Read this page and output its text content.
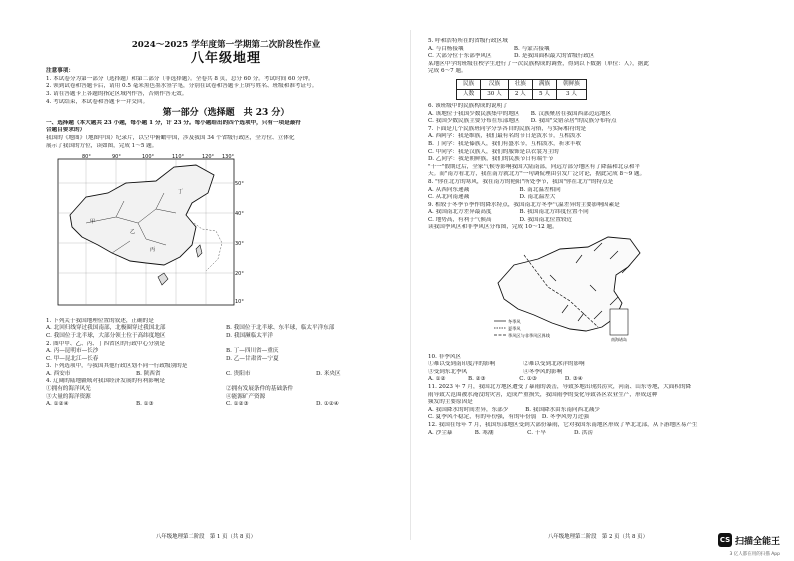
2024～2025 学年度第一学期第二次阶段性作业
八年级地理
注意事项：
1. 本试卷分为第一部分（选择题）和第二部分（非选择题）。全卷共 8 页，总分 60 分。考试时间 60 分钟。
2. 领到试卷和答题卡后，请用 0.5 毫米黑色墨水签字笔，分别在试卷和答题卡上填写姓名、班级和准考证号。
3. 请在答题卡上各题的指定区域内作答，否则作答无效。
4. 考试结束，本试卷和答题卡一并交回。
第一部分（选择题　共 23 分）
一、选择题（本大题共 23 小题，每小题 1 分，计 23 分。每小题给出的四个选项中，只有一项是最符
合题目要求的）
我国的《地图》（地图中国）纪录片，以空中俯瞰中国，涉及我国 34 个省级行政区，全方位、立体化
展示了我国的方位，读如图，完成 1～5 题。
80°	90°	100°	110°	120° 130°
50°
40°
30°
20°
10°
甲
乙
丙
丁
1. 下列关于我国地理位置的叙述，正确的是
A. 北回归线穿过我国南部，北极圈穿过我国北部	B. 我国位于北半球、东半球，临太平洋东部
C. 我国位于北半球，大部分领土位于高纬度地区	D. 我国濒临太平洋
2. 图中甲、乙、丙、丁四省区的行政中心分别是
A. 丙—昆明市—长沙	B. 丁—四川省—重庆
C. 甲—昆北江—长春	D. 乙—甘肃省—宁夏
3. 下列选项中，与我国其他行政区划不同一行政级别的是
A. 西安市	B. 陕西省	C. 贵阳市	D. 米央区
4. 辽阔的陆地疆域对我国经济发展的有利影响是
①拥有的海洋风光	②拥有发展条件的基础条件
③大量的海洋资源	④能源矿产资源
A. ①②④	B. ①③	C. ①②③	D. ①②④
八年级地理第二阶段　第 1 页（共 8 页）
5. 呼和浩特所在的省级行政区域
A. 与白杨接壤　　　　　　　　　B. 与蒙古接壤
C. 大部分位于东部季风区　　　　D. 是我国面积最大的省级行政区
某地区中学的班级在校学生进行了一次民族构成的调查，得到以下数据（单位：人），据此
完成 6～7 题。
民族	汉族	壮族	满族	朝鲜族
人数	30 人	2 人	5 人	3 人
6. 该班级中的民族构成的说明了
A. 该地位于我国少数民族集中的地区　　B. 汉族聚居在我国西部边远地区
C. 我国少数民族主要分布在东部地区　　D. 我国"交错杂居"的民族分布特点
7. 下面是几个民族班同学分享各自的民族习俗，与实际相符的是
A. 西阿学：我是维族，我们最有名的节日是泼水节，互相泼水
B. 丁同学：我是傣族人，我们有盛水节，互相泼水，祈求丰收
C. 甲同学：我是汉族人，我们的服饰是以衣裳为主的
D. 乙同学：我是朝鲜族，我们的民族节日有端午节
"十一"假期过后，全家气候等影响我国大陆南部，向远方部分地区有了降温和北京和平
天。而"南方看北方，我在南方就北方"一句调侃理由引发广泛讨论，据此完成 8～9 题。
8. "你在北方的寒风，我在南方的艳阳"所处季节，我国"你在北方"的特点是
A. 从西向东递减　　　　　　　　　B. 南北温差相同
C. 从北向南递减　　　　　　　　　D. 南北温差大
9. 相较于冬季节季作的降水特点，我国南北方冬季气温差异的主要影响因素是
A. 我国南北方差异最高度　　　　　B. 我国南北方纬度位置不同
C. 地势高，有利于气候高　　　　　D. 我国南北位置较近
读我国季风区和非季风区分布图，完成 10～12 题。
南海诸岛
冬季风
夏季风
季风区与非季风区界线
10. 非季风区
①难以受到南印度洋的影响　　　　　②难以受到北冰洋的影响
③受到东北季风　　　　　　　　　　④冬季风的影响
A. ①②　　　　B. ②③　　　　　　C. ①③　　　　　D. ③④
11. 2023 年 7 月，我国北方地区遭受了暴雨的袭击，导致多地出现洪涝灾，河南、山东等地，大面积的降
雨导致大范围被水淹没的灾害，造成严重损失，我国雨季的变化导致各区农业生产，形成这种
频发的主要原因是
A. 我国降水的时间差异，东部少　　　B. 我国降水由东南向西北减少
C. 夏季风不稳定，有的年份强，有的年份弱　D. 冬季风势力过强
12. 我国在每年 7 月，我国东部地区受到大部份暴雨，它对我国东南地区形成了华北北部，从下游地区易产生
A. 沙尘暴　　　　B. 寒潮　　　　　　C. 干旱　　　　　D. 洪涝
八年级地理第二阶段　第 2 页（共 8 页）	CS 扫描全能王
3 亿人都在用的扫描 App
